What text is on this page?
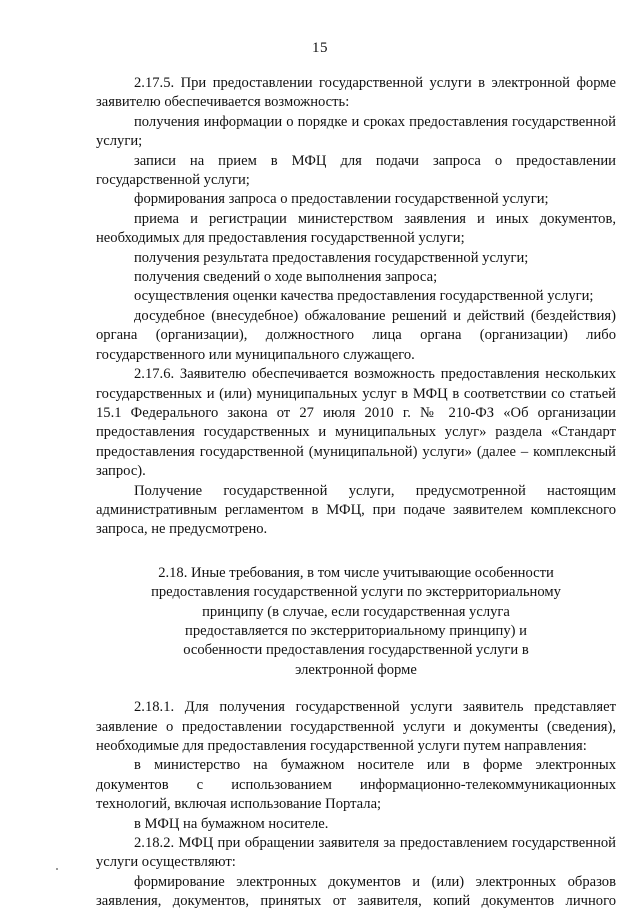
15

2.17.5. При предоставлении государственной услуги в электронной форме заявителю обеспечивается возможность:

получения информации о порядке и сроках предоставления государственной услуги;

записи на прием в МФЦ для подачи запроса о предоставлении государственной услуги;

формирования запроса о предоставлении государственной услуги;

приема и регистрации министерством заявления и иных документов, необходимых для предоставления государственной услуги;

получения результата предоставления государственной услуги;

получения сведений о ходе выполнения запроса;

осуществления оценки качества предоставления государственной услуги;

досудебное (внесудебное) обжалование решений и действий (бездействия) органа (организации), должностного лица органа (организации) либо государственного или муниципального служащего.

2.17.6. Заявителю обеспечивается возможность предоставления нескольких государственных и (или) муниципальных услуг в МФЦ в соответствии со статьей 15.1 Федерального закона от 27 июля 2010 г. № 210-ФЗ «Об организации предоставления государственных и муниципальных услуг» раздела «Стандарт предоставления государственной (муниципальной) услуги» (далее – комплексный запрос).

Получение государственной услуги, предусмотренной настоящим административным регламентом в МФЦ, при подаче заявителем комплексного запроса, не предусмотрено.

2.18. Иные требования, в том числе учитывающие особенности
предоставления государственной услуги по экстерриториальному
принципу (в случае, если государственная услуга
предоставляется по экстерриториальному принципу) и
особенности предоставления государственной услуги в
электронной форме

2.18.1. Для получения государственной услуги заявитель представляет заявление о предоставлении государственной услуги и документы (сведения), необходимые для предоставления государственной услуги путем направления:

в министерство на бумажном носителе или в форме электронных документов с использованием информационно-телекоммуникационных технологий, включая использование Портала;

в МФЦ на бумажном носителе.

2.18.2. МФЦ при обращении заявителя за предоставлением государственной услуги осуществляют:

формирование электронных документов и (или) электронных образов заявления, документов, принятых от заявителя, копий документов личного
